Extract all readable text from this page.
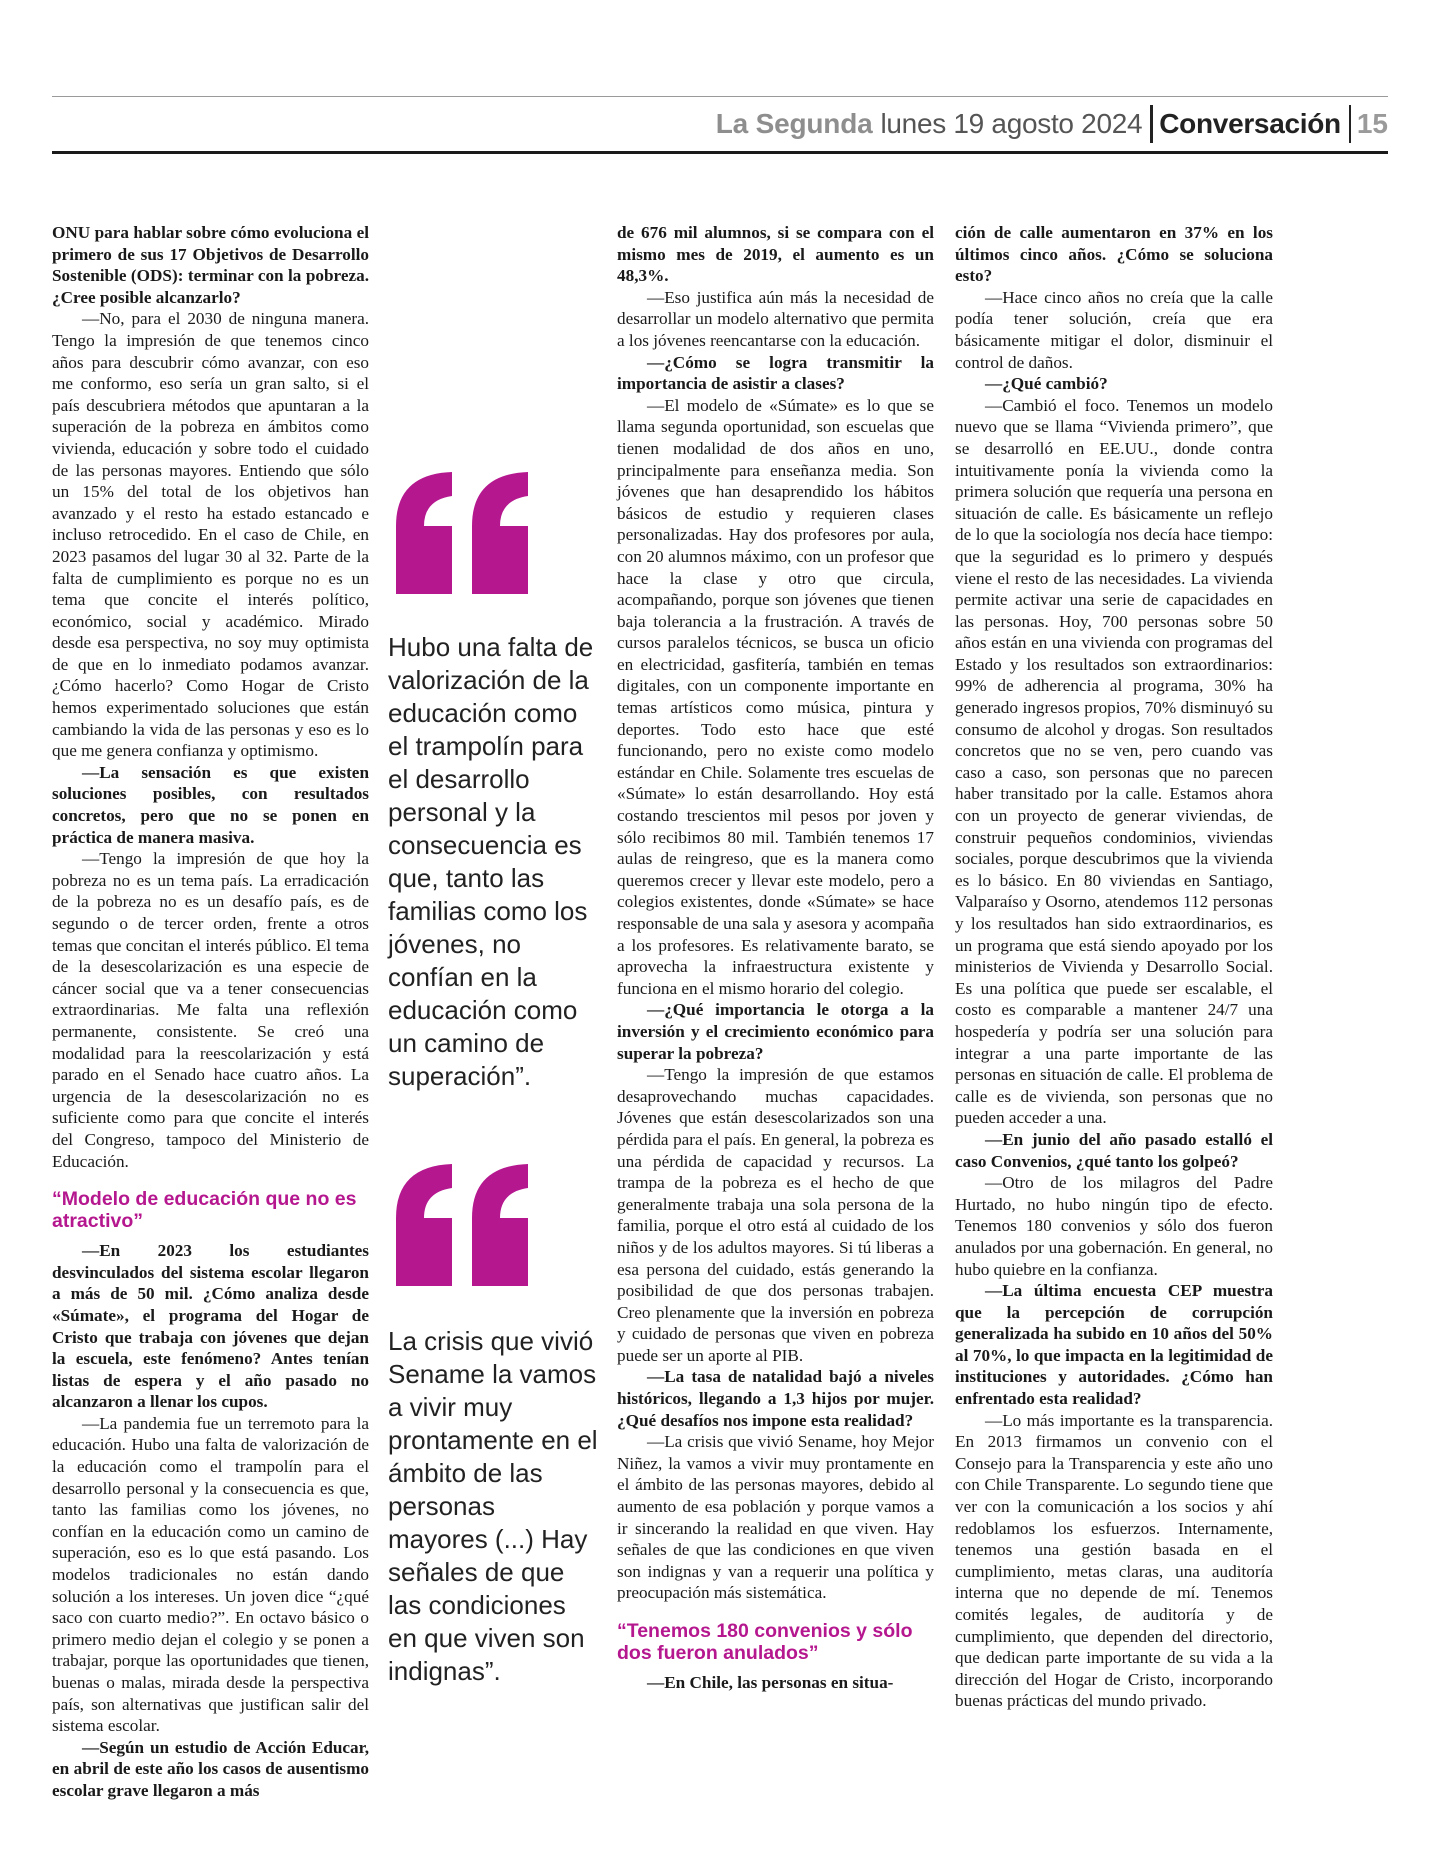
La Segunda lunes 19 agosto 2024 Conversación 15

ONU para hablar sobre cómo evoluciona el primero de sus 17 Objetivos de Desarrollo Sostenible (ODS): terminar con la pobreza. ¿Cree posible alcanzarlo?

—No, para el 2030 de ninguna manera. Tengo la impresión de que tenemos cinco años para descubrir cómo avanzar, con eso me conformo, eso sería un gran salto, si el país descubriera métodos que apuntaran a la superación de la pobreza en ámbitos como vivienda, educación y sobre todo el cuidado de las personas mayores. Entiendo que sólo un 15% del total de los objetivos han avanzado y el resto ha estado estancado e incluso retrocedido. En el caso de Chile, en 2023 pasamos del lugar 30 al 32. Parte de la falta de cumplimiento es porque no es un tema que concite el interés político, económico, social y académico. Mirado desde esa perspectiva, no soy muy optimista de que en lo inmediato podamos avanzar. ¿Cómo hacerlo? Como Hogar de Cristo hemos experimentado soluciones que están cambiando la vida de las personas y eso es lo que me genera confianza y optimismo.

—La sensación es que existen soluciones posibles, con resultados concretos, pero que no se ponen en práctica de manera masiva.

—Tengo la impresión de que hoy la pobreza no es un tema país. La erradicación de la pobreza no es un desafío país, es de segundo o de tercer orden, frente a otros temas que concitan el interés público. El tema de la desescolarización es una especie de cáncer social que va a tener consecuencias extraordinarias. Me falta una reflexión permanente, consistente. Se creó una modalidad para la reescolarización y está parado en el Senado hace cuatro años. La urgencia de la desescolarización no es suficiente como para que concite el interés del Congreso, tampoco del Ministerio de Educación.

“Modelo de educación que no es atractivo”

—En 2023 los estudiantes desvinculados del sistema escolar llegaron a más de 50 mil. ¿Cómo analiza desde «Súmate», el programa del Hogar de Cristo que trabaja con jóvenes que dejan la escuela, este fenómeno? Antes tenían listas de espera y el año pasado no alcanzaron a llenar los cupos.

—La pandemia fue un terremoto para la educación. Hubo una falta de valorización de la educación como el trampolín para el desarrollo personal y la consecuencia es que, tanto las familias como los jóvenes, no confían en la educación como un camino de superación, eso es lo que está pasando. Los modelos tradicionales no están dando solución a los intereses. Un joven dice “¿qué saco con cuarto medio?”. En octavo básico o primero medio dejan el colegio y se ponen a trabajar, porque las oportunidades que tienen, buenas o malas, mirada desde la perspectiva país, son alternativas que justifican salir del sistema escolar.

—Según un estudio de Acción Educar, en abril de este año los casos de ausentismo escolar grave llegaron a más

de 676 mil alumnos, si se compara con el mismo mes de 2019, el aumento es un 48,3%.

—Eso justifica aún más la necesidad de desarrollar un modelo alternativo que permita a los jóvenes reencantarse con la educación.

—¿Cómo se logra transmitir la importancia de asistir a clases?

—El modelo de «Súmate» es lo que se llama segunda oportunidad, son escuelas que tienen modalidad de dos años en uno, principalmente para enseñanza media. Son jóvenes que han desaprendido los hábitos básicos de estudio y requieren clases personalizadas. Hay dos profesores por aula, con 20 alumnos máximo, con un profesor que hace la clase y otro que circula, acompañando, porque son jóvenes que tienen baja tolerancia a la frustración. A través de cursos paralelos técnicos, se busca un oficio en electricidad, gasfitería, también en temas digitales, con un componente importante en temas artísticos como música, pintura y deportes. Todo esto hace que esté funcionando, pero no existe como modelo estándar en Chile. Solamente tres escuelas de «Súmate» lo están desarrollando. Hoy está costando trescientos mil pesos por joven y sólo recibimos 80 mil. También tenemos 17 aulas de reingreso, que es la manera como queremos crecer y llevar este modelo, pero a colegios existentes, donde «Súmate» se hace responsable de una sala y asesora y acompaña a los profesores. Es relativamente barato, se aprovecha la infraestructura existente y funciona en el mismo horario del colegio.

—¿Qué importancia le otorga a la inversión y el crecimiento económico para superar la pobreza?

—Tengo la impresión de que estamos desaprovechando muchas capacidades. Jóvenes que están desescolarizados son una pérdida para el país. En general, la pobreza es una pérdida de capacidad y recursos. La trampa de la pobreza es el hecho de que generalmente trabaja una sola persona de la familia, porque el otro está al cuidado de los niños y de los adultos mayores. Si tú liberas a esa persona del cuidado, estás generando la posibilidad de que dos personas trabajen. Creo plenamente que la inversión en pobreza y cuidado de personas que viven en pobreza puede ser un aporte al PIB.

—La tasa de natalidad bajó a niveles históricos, llegando a 1,3 hijos por mujer. ¿Qué desafíos nos impone esta realidad?

—La crisis que vivió Sename, hoy Mejor Niñez, la vamos a vivir muy prontamente en el ámbito de las personas mayores, debido al aumento de esa población y porque vamos a ir sincerando la realidad en que viven. Hay señales de que las condiciones en que viven son indignas y van a requerir una política y preocupación más sistemática.

“Tenemos 180 convenios y sólo dos fueron anulados”

—En Chile, las personas en situa-

ción de calle aumentaron en 37% en los últimos cinco años. ¿Cómo se soluciona esto?

—Hace cinco años no creía que la calle podía tener solución, creía que era básicamente mitigar el dolor, disminuir el control de daños.

—¿Qué cambió?

—Cambió el foco. Tenemos un modelo nuevo que se llama “Vivienda primero”, que se desarrolló en EE.UU., donde contra intuitivamente ponía la vivienda como la primera solución que requería una persona en situación de calle. Es básicamente un reflejo de lo que la sociología nos decía hace tiempo: que la seguridad es lo primero y después viene el resto de las necesidades. La vivienda permite activar una serie de capacidades en las personas. Hoy, 700 personas sobre 50 años están en una vivienda con programas del Estado y los resultados son extraordinarios: 99% de adherencia al programa, 30% ha generado ingresos propios, 70% disminuyó su consumo de alcohol y drogas. Son resultados concretos que no se ven, pero cuando vas caso a caso, son personas que no parecen haber transitado por la calle. Estamos ahora con un proyecto de generar viviendas, de construir pequeños condominios, viviendas sociales, porque descubrimos que la vivienda es lo básico. En 80 viviendas en Santiago, Valparaíso y Osorno, atendemos 112 personas y los resultados han sido extraordinarios, es un programa que está siendo apoyado por los ministerios de Vivienda y Desarrollo Social. Es una política que puede ser escalable, el costo es comparable a mantener 24/7 una hospedería y podría ser una solución para integrar a una parte importante de las personas en situación de calle. El problema de calle es de vivienda, son personas que no pueden acceder a una.

—En junio del año pasado estalló el caso Convenios, ¿qué tanto los golpeó?

—Otro de los milagros del Padre Hurtado, no hubo ningún tipo de efecto. Tenemos 180 convenios y sólo dos fueron anulados por una gobernación. En general, no hubo quiebre en la confianza.

—La última encuesta CEP muestra que la percepción de corrupción generalizada ha subido en 10 años del 50% al 70%, lo que impacta en la legitimidad de instituciones y autoridades. ¿Cómo han enfrentado esta realidad?

—Lo más importante es la transparencia. En 2013 firmamos un convenio con el Consejo para la Transparencia y este año uno con Chile Transparente. Lo segundo tiene que ver con la comunicación a los socios y ahí redoblamos los esfuerzos. Internamente, tenemos una gestión basada en el cumplimiento, metas claras, una auditoría interna que no depende de mí. Tenemos comités legales, de auditoría y de cumplimiento, que dependen del directorio, que dedican parte importante de su vida a la dirección del Hogar de Cristo, incorporando buenas prácticas del mundo privado.

Hubo una falta de valorización de la educación como el trampolín para el desarrollo personal y la consecuencia es que, tanto las familias como los jóvenes, no confían en la educación como un camino de superación”.
La crisis que vivió Sename la vamos a vivir muy prontamente en el ámbito de las personas mayores (...) Hay señales de que las condiciones en que viven son indignas”.
